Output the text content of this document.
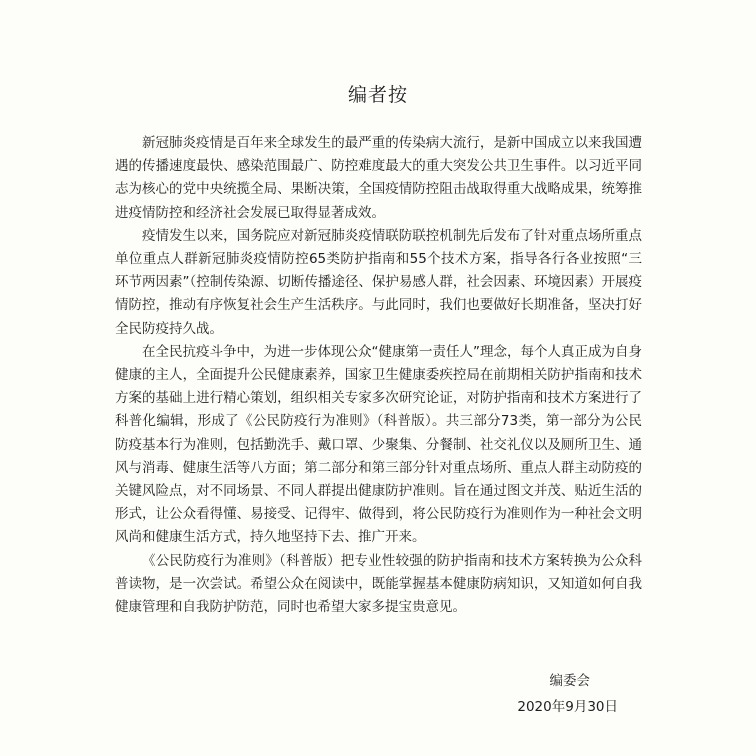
编者按

新冠肺炎疫情是百年来全球发生的最严重的传染病大流行，是新中国成立以来我国遭遇的传播速度最快、感染范围最广、防控难度最大的重大突发公共卫生事件。以习近平同志为核心的党中央统揽全局、果断决策，全国疫情防控阻击战取得重大战略成果，统筹推进疫情防控和经济社会发展已取得显著成效。

疫情发生以来，国务院应对新冠肺炎疫情联防联控机制先后发布了针对重点场所重点单位重点人群新冠肺炎疫情防控65类防护指南和55个技术方案，指导各行各业按照“三环节两因素”（控制传染源、切断传播途径、保护易感人群，社会因素、环境因素）开展疫情防控，推动有序恢复社会生产生活秩序。与此同时，我们也要做好长期准备，坚决打好全民防疫持久战。

在全民抗疫斗争中，为进一步体现公众“健康第一责任人”理念，每个人真正成为自身健康的主人，全面提升公民健康素养，国家卫生健康委疾控局在前期相关防护指南和技术方案的基础上进行精心策划，组织相关专家多次研究论证，对防护指南和技术方案进行了科普化编辑，形成了《公民防疫行为准则》（科普版）。共三部分73类，第一部分为公民防疫基本行为准则，包括勤洗手、戴口罩、少聚集、分餐制、社交礼仪以及厕所卫生、通风与消毒、健康生活等八方面；第二部分和第三部分针对重点场所、重点人群主动防疫的关键风险点，对不同场景、不同人群提出健康防护准则。旨在通过图文并茂、贴近生活的形式，让公众看得懂、易接受、记得牢、做得到，将公民防疫行为准则作为一种社会文明风尚和健康生活方式，持久地坚持下去、推广开来。

《公民防疫行为准则》（科普版）把专业性较强的防护指南和技术方案转换为公众科普读物，是一次尝试。希望公众在阅读中，既能掌握基本健康防病知识，又知道如何自我健康管理和自我防护防范，同时也希望大家多提宝贵意见。

编委会
2020年9月30日
